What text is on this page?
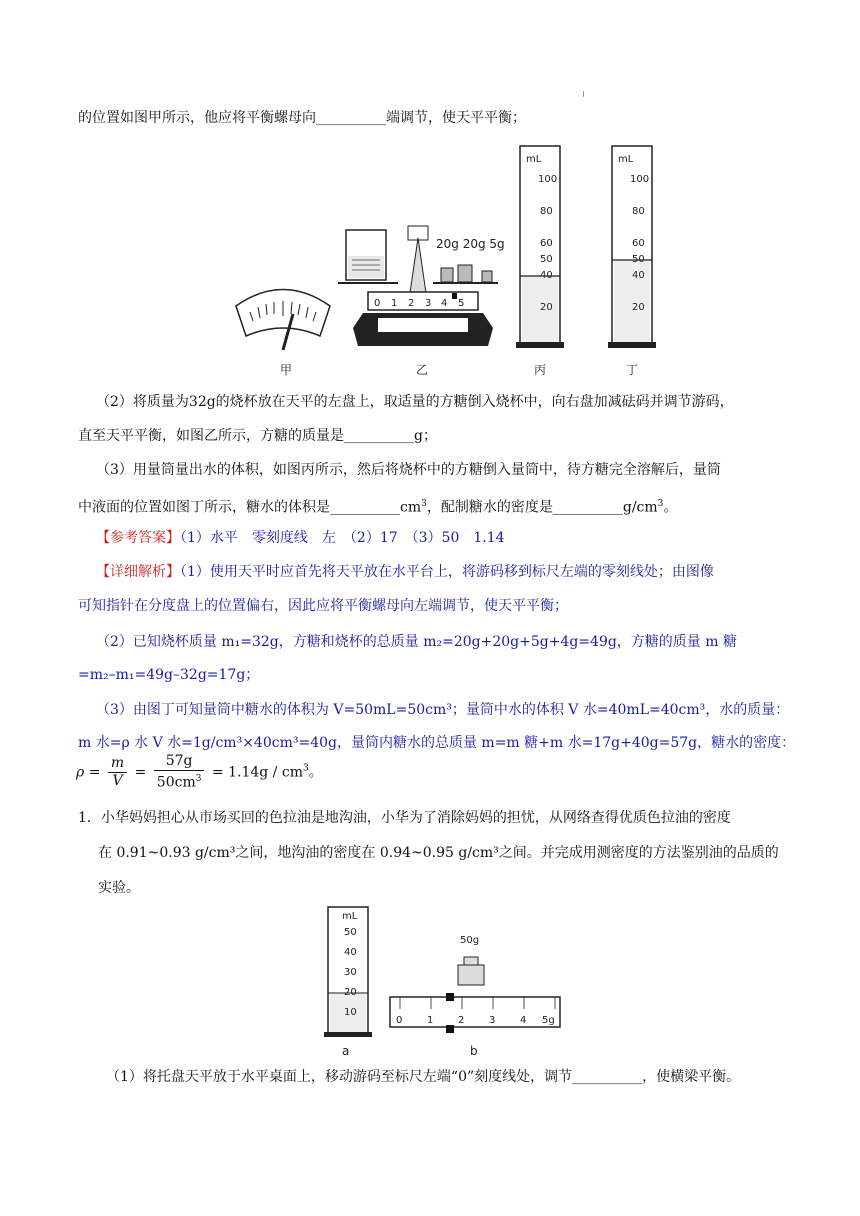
的位置如图甲所示，他应将平衡螺母向__________端调节，使天平平衡；
甲
20g 20g 5g
0 1 2 3 4 5
乙
mL
100
80
60
50
40
20
丙
mL
100
80
60
50
40
20
丁
（2）将质量为32g的烧杯放在天平的左盘上，取适量的方糖倒入烧杯中，向右盘加减砝码并调节游码，
直至天平平衡，如图乙所示，方糖的质量是__________g；
（3）用量筒量出水的体积，如图丙所示，然后将烧杯中的方糖倒入量筒中，待方糖完全溶解后，量筒
中液面的位置如图丁所示，糖水的体积是$\_\_\_\_\_\_\_\_\_\_cm^3$，配制糖水的密度是$\_\_\_\_\_\_\_\_\_\_g/cm^3$。
【参考答案】（1）水平　零刻度线　左　（2）17　（3）50　1.14
【详细解析】（1）使用天平时应首先将天平放在水平台上，将游码移到标尺左端的零刻线处；由图像
可知指针在分度盘上的位置偏右，因此应将平衡螺母向左端调节，使天平平衡；
（2）已知烧杯质量 m₁=32g，方糖和烧杯的总质量 m₂=20g+20g+5g+4g=49g，方糖的质量 m 糖
=m₂–m₁=49g–32g=17g；
（3）由图丁可知量筒中糖水的体积为 V=50mL=50cm³；量筒中水的体积 V 水=40mL=40cm³，水的质量：
m 水=ρ 水 V 水=1g/cm³×40cm³=40g，量筒内糖水的总质量 m=m 糖+m 水=17g+40g=57g，糖水的密度：
$\rho = \frac{m}{V} = \frac{57g}{50cm^3} = 1.14g / cm^3$。
1．小华妈妈担心从市场买回的色拉油是地沟油，小华为了消除妈妈的担忧，从网络查得优质色拉油的密度
在 0.91~0.93 g/cm³之间，地沟油的密度在 0.94~0.95 g/cm³之间。并完成用测密度的方法鉴别油的品质的
实验。
mL
50
40
30
20
10
a
50g
0 1 2 3 4 5g
b
（1）将托盘天平放于水平桌面上，移动游码至标尺左端“0”刻度线处，调节__________，使横梁平衡。
